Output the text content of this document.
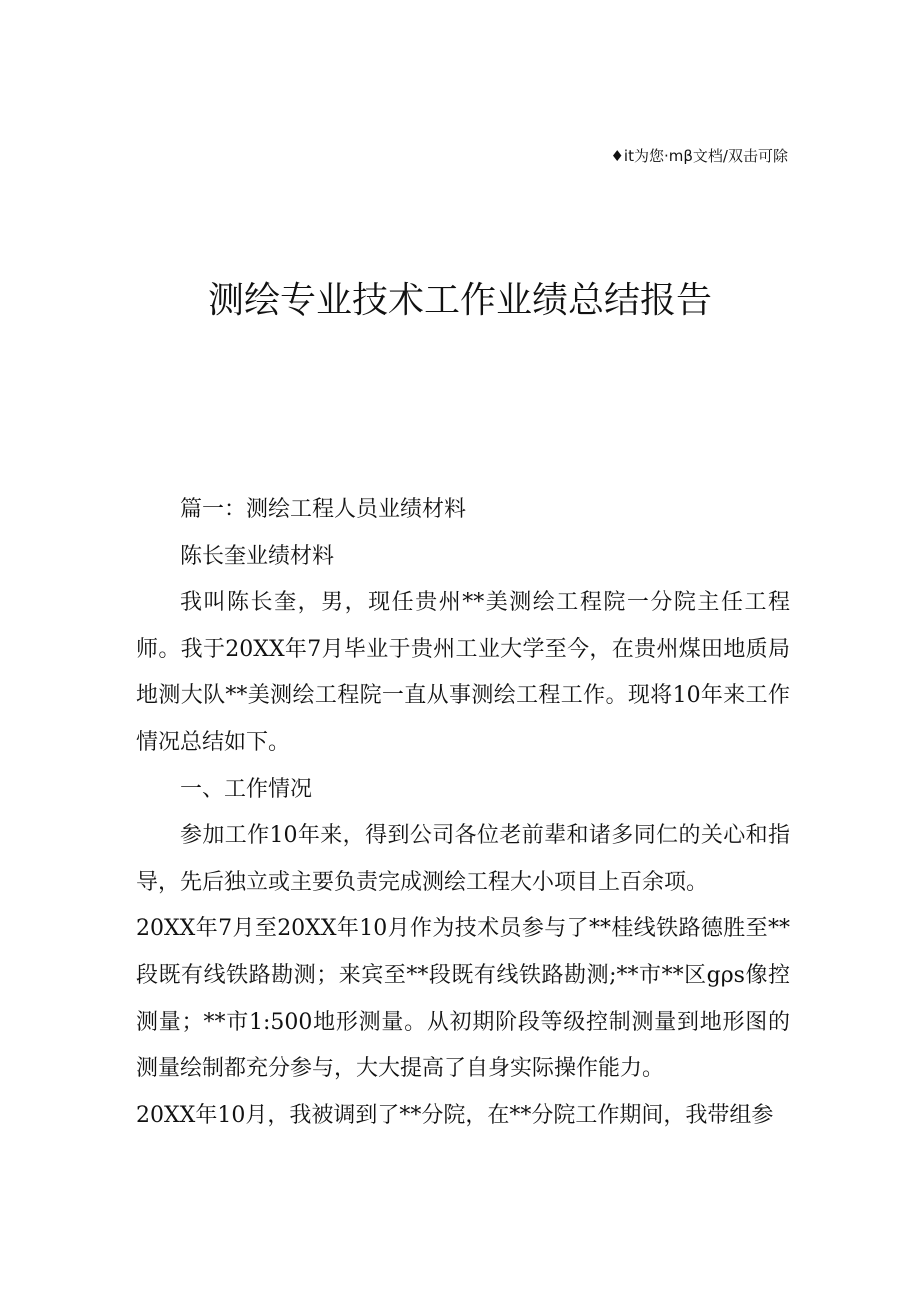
♦it为您·mβ文档/双击可除
测绘专业技术工作业绩总结报告

篇一：测绘工程人员业绩材料

陈长奎业绩材料

我叫陈长奎，男，现任贵州**美测绘工程院一分院主任工程师。我于20XX年7月毕业于贵州工业大学至今，在贵州煤田地质局地测大队**美测绘工程院一直从事测绘工程工作。现将10年来工作情况总结如下。

一、工作情况

参加工作10年来，得到公司各位老前辈和诸多同仁的关心和指导，先后独立或主要负责完成测绘工程大小项目上百余项。

20XX年7月至20XX年10月作为技术员参与了**桂线铁路德胜至**段既有线铁路勘测；来宾至**段既有线铁路勘测;**市**区gρs像控测量；**市1:500地形测量。从初期阶段等级控制测量到地形图的测量绘制都充分参与，大大提高了自身实际操作能力。

20XX年10月，我被调到了**分院，在**分院工作期间，我带组参
